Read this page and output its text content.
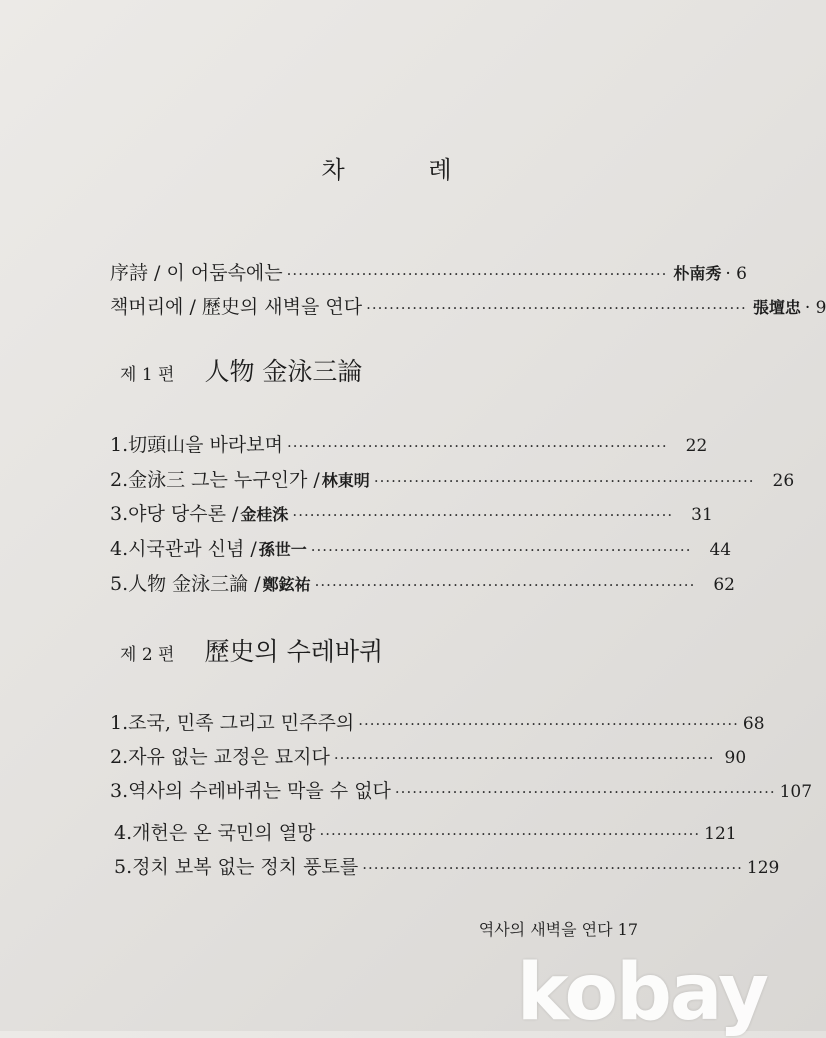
차 례
序詩 / 이 어둠속에는 ·································································· 朴南秀 · 6
책머리에 / 歷史의 새벽을 연다 ·································································· 張壇忠 · 9
제 1 편 人物 金泳三論
1. 切頭山을 바라보며 ·································································· 22
2. 金泳三 그는 누구인가 / 林東明 ·································································· 26
3. 야당 당수론 / 金桂洙 ·································································· 31
4. 시국관과 신념 / 孫世一 ·································································· 44
5. 人物 金泳三論 / 鄭鉉祐 ·································································· 62
제 2 편 歷史의 수레바퀴
1. 조국, 민족 그리고 민주주의 ·································································· 68
2. 자유 없는 교정은 묘지다 ·································································· 90
3. 역사의 수레바퀴는 막을 수 없다 ·································································· 107
4. 개헌은 온 국민의 열망 ·································································· 121
5. 정치 보복 없는 정치 풍토를 ·································································· 129
역사의 새벽을 연다 17
kobay
